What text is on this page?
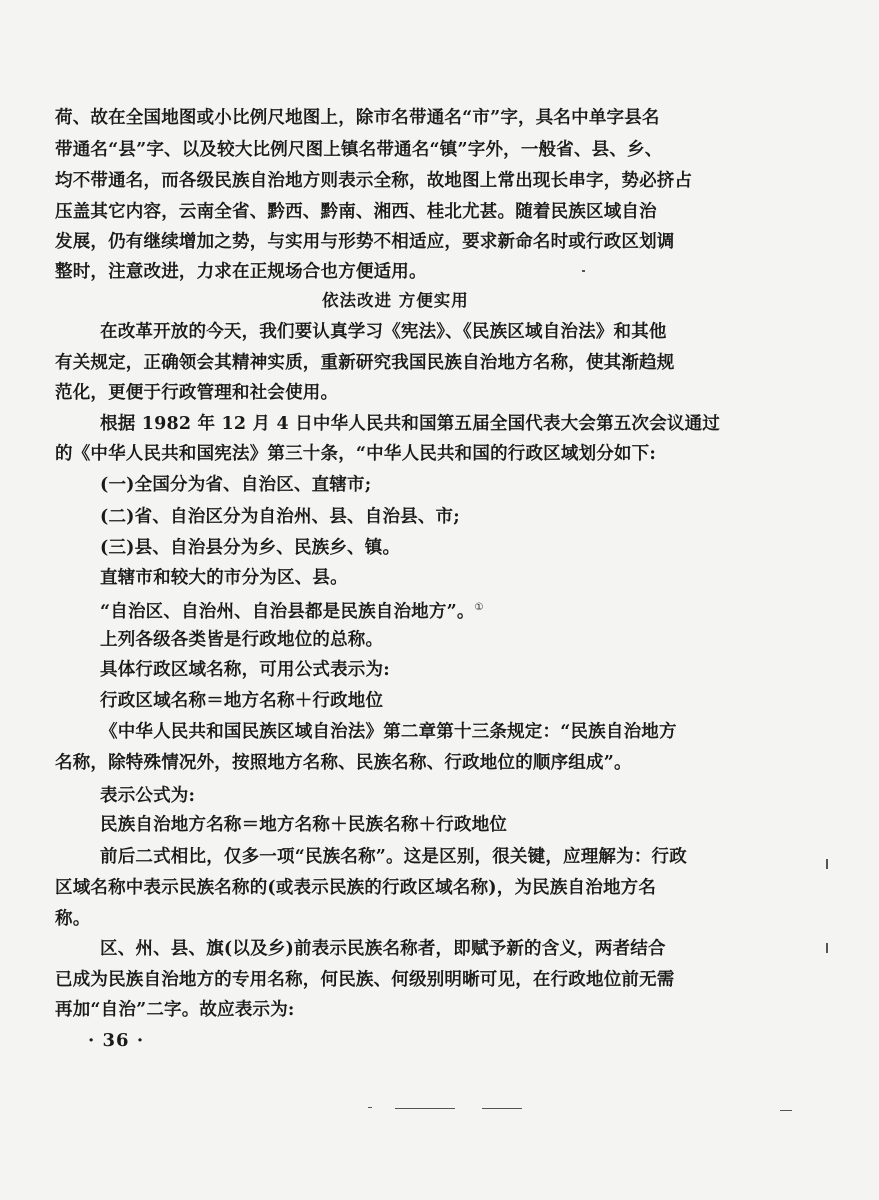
荷、故在全国地图或小比例尺地图上，除市名带通名“市”字，具名中单字县名
带通名“县”字、以及较大比例尺图上镇名带通名“镇”字外，一般省、县、乡、
均不带通名，而各级民族自治地方则表示全称，故地图上常出现长串字，势必挤占
压盖其它内容，云南全省、黔西、黔南、湘西、桂北尤甚。随着民族区域自治
发展，仍有继续增加之势，与实用与形势不相适应，要求新命名时或行政区划调
整时，注意改进，力求在正规场合也方便适用。
依法改进 方便实用
在改革开放的今天，我们要认真学习《宪法》、《民族区域自治法》和其他
有关规定，正确领会其精神实质，重新研究我国民族自治地方名称，使其渐趋规
范化，更便于行政管理和社会使用。
根据 1982 年 12 月 4 日中华人民共和国第五届全国代表大会第五次会议通过
的《中华人民共和国宪法》第三十条，“中华人民共和国的行政区域划分如下:
(一)全国分为省、自治区、直辖市;
(二)省、自治区分为自治州、县、自治县、市;
(三)县、自治县分为乡、民族乡、镇。
直辖市和较大的市分为区、县。
“自治区、自治州、自治县都是民族自治地方”。①
上列各级各类皆是行政地位的总称。
具体行政区域名称，可用公式表示为:
行政区域名称＝地方名称＋行政地位
《中华人民共和国民族区域自治法》第二章第十三条规定：“民族自治地方
名称，除特殊情况外，按照地方名称、民族名称、行政地位的顺序组成”。
表示公式为:
民族自治地方名称＝地方名称＋民族名称＋行政地位
前后二式相比，仅多一项“民族名称”。这是区别，很关键，应理解为：行政
区域名称中表示民族名称的(或表示民族的行政区域名称)，为民族自治地方名
称。
区、州、县、旗(以及乡)前表示民族名称者，即赋予新的含义，两者结合
已成为民族自治地方的专用名称，何民族、何级别明晰可见，在行政地位前无需
再加“自治”二字。故应表示为:
· 36 ·
